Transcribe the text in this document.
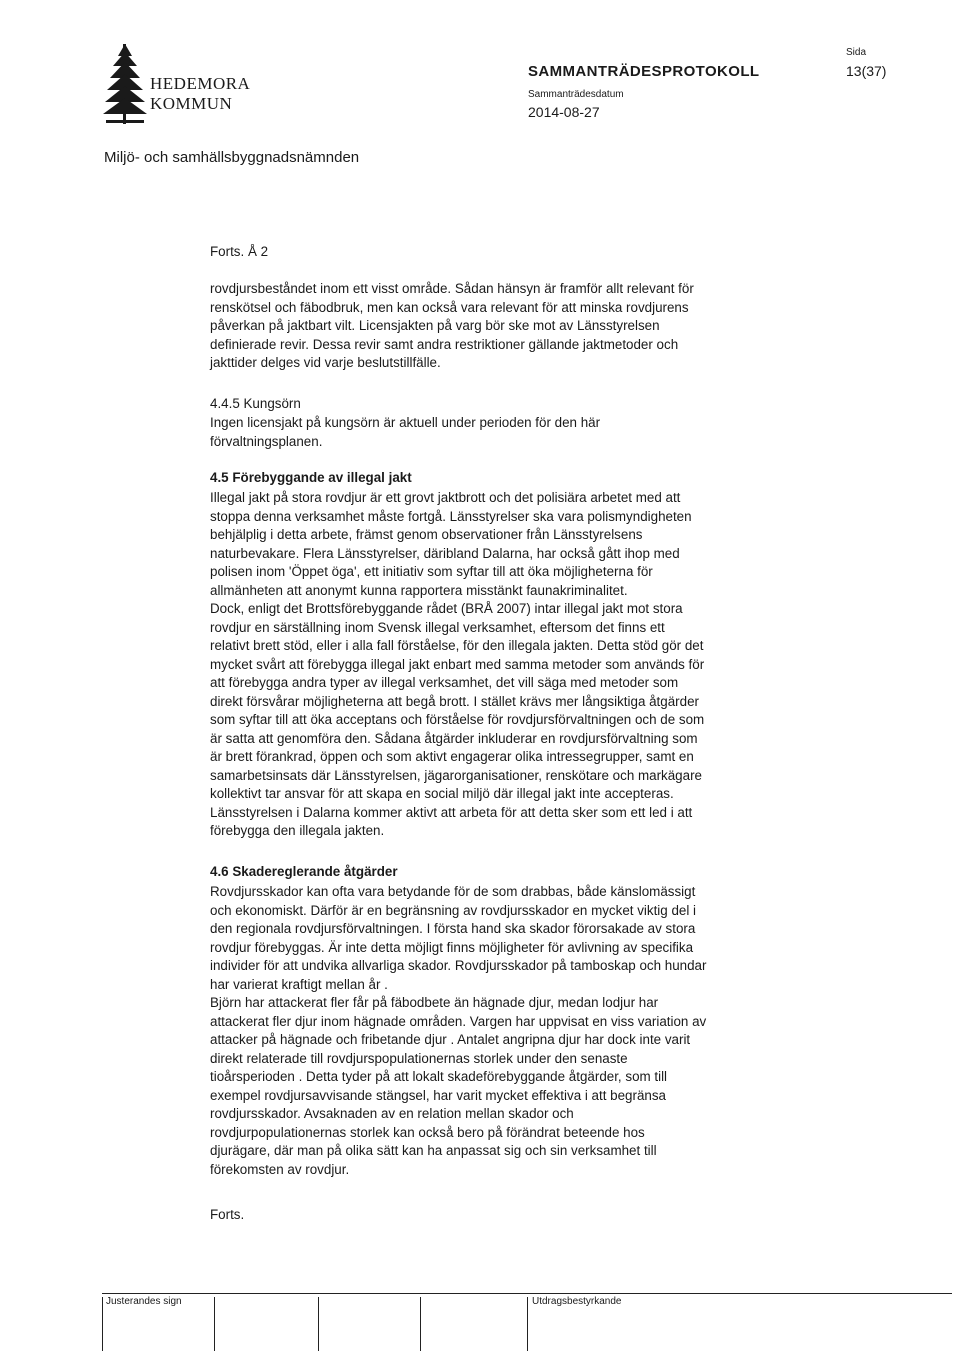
HEDEMORA
KOMMUN
SAMMANTRÄDESPROTOKOLL
Sammanträdesdatum
2014-08-27
Sida
13(37)
Miljö- och samhällsbyggnadsnämnden
Forts. Å 2
rovdjursbeståndet inom ett visst område. Sådan hänsyn är framför allt relevant för
renskötsel och fäbodbruk, men kan också vara relevant för att minska rovdjurens
påverkan på jaktbart vilt. Licensjakten på varg bör ske mot av Länsstyrelsen
definierade revir. Dessa revir samt andra restriktioner gällande jaktmetoder och
jakttider delges vid varje beslutstillfälle.
4.4.5 Kungsörn
Ingen licensjakt på kungsörn är aktuell under perioden för den här
förvaltningsplanen.
4.5 Förebyggande av illegal jakt
Illegal jakt på stora rovdjur är ett grovt jaktbrott och det polisiära arbetet med att
stoppa denna verksamhet måste fortgå. Länsstyrelser ska vara polismyndigheten
behjälplig i detta arbete, främst genom observationer från Länsstyrelsens
naturbevakare. Flera Länsstyrelser, däribland Dalarna, har också gått ihop med
polisen inom 'Öppet öga', ett initiativ som syftar till att öka möjligheterna för
allmänheten att anonymt kunna rapportera misstänkt faunakriminalitet.
Dock, enligt det Brottsförebyggande rådet (BRÅ 2007) intar illegal jakt mot stora
rovdjur en särställning inom Svensk illegal verksamhet, eftersom det finns ett
relativt brett stöd, eller i alla fall förståelse, för den illegala jakten. Detta stöd gör det
mycket svårt att förebygga illegal jakt enbart med samma metoder som används för
att förebygga andra typer av illegal verksamhet, det vill säga med metoder som
direkt försvårar möjligheterna att begå brott. I stället krävs mer långsiktiga åtgärder
som syftar till att öka acceptans och förståelse för rovdjursförvaltningen och de som
är satta att genomföra den. Sådana åtgärder inkluderar en rovdjursförvaltning som
är brett förankrad, öppen och som aktivt engagerar olika intressegrupper, samt en
samarbetsinsats där Länsstyrelsen, jägarorganisationer, renskötare och markägare
kollektivt tar ansvar för att skapa en social miljö där illegal jakt inte accepteras.
Länsstyrelsen i Dalarna kommer aktivt att arbeta för att detta sker som ett led i att
förebygga den illegala jakten.
4.6 Skadereglerande åtgärder
Rovdjursskador kan ofta vara betydande för de som drabbas, både känslomässigt
och ekonomiskt. Därför är en begränsning av rovdjursskador en mycket viktig del i
den regionala rovdjursförvaltningen. I första hand ska skador förorsakade av stora
rovdjur förebyggas. Är inte detta möjligt finns möjligheter för avlivning av specifika
individer för att undvika allvarliga skador. Rovdjursskador på tamboskap och hundar
har varierat kraftigt mellan år .
Björn har attackerat fler får på fäbodbete än hägnade djur, medan lodjur har
attackerat fler djur inom hägnade områden. Vargen har uppvisat en viss variation av
attacker på hägnade och fribetande djur . Antalet angripna djur har dock inte varit
direkt relaterade till rovdjurspopulationernas storlek under den senaste
tioårsperioden . Detta tyder på att lokalt skadeförebyggande åtgärder, som till
exempel rovdjursavvisande stängsel, har varit mycket effektiva i att begränsa
rovdjursskador. Avsaknaden av en relation mellan skador och
rovdjurpopulationernas storlek kan också bero på förändrat beteende hos
djurägare, där man på olika sätt kan ha anpassat sig och sin verksamhet till
förekomsten av rovdjur.
Forts.
Justerandes sign	Utdragsbestyrkande
